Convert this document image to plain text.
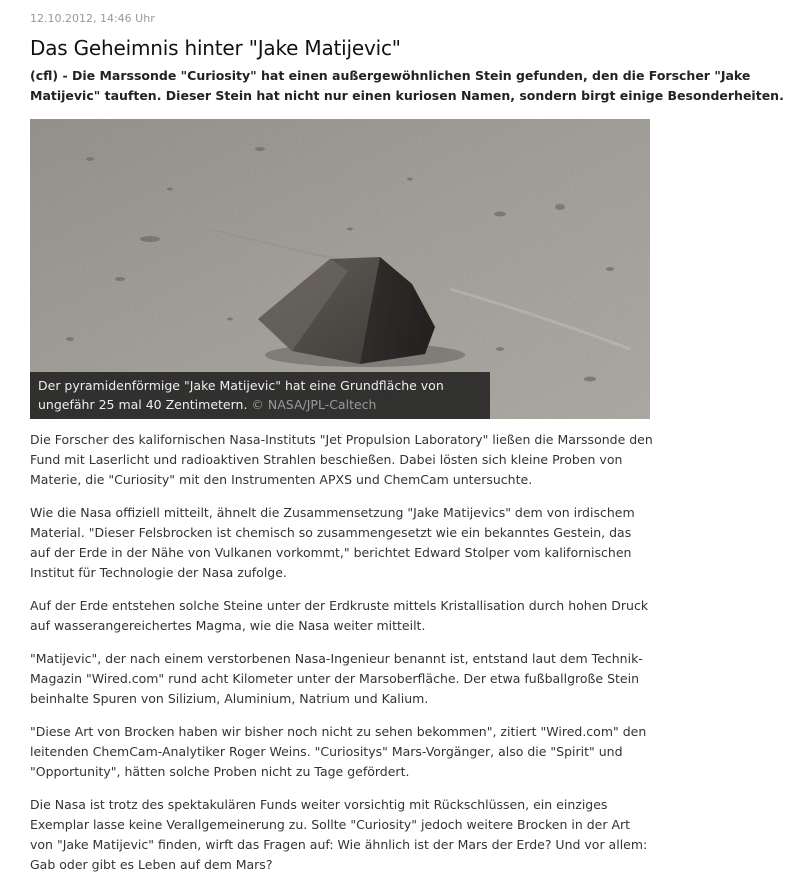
12.10.2012, 14:46 Uhr
Das Geheimnis hinter "Jake Matijevic"

(cfl) - Die Marssonde "Curiosity" hat einen außergewöhnlichen Stein gefunden, den die Forscher "Jake Matijevic" tauften. Dieser Stein hat nicht nur einen kuriosen Namen, sondern birgt einige Besonderheiten.

Der pyramidenförmige "Jake Matijevic" hat eine Grundfläche von ungefähr 25 mal 40 Zentimetern. © NASA/JPL-Caltech

Die Forscher des kalifornischen Nasa-Instituts "Jet Propulsion Laboratory" ließen die Marssonde den Fund mit Laserlicht und radioaktiven Strahlen beschießen. Dabei lösten sich kleine Proben von Materie, die "Curiosity" mit den Instrumenten APXS und ChemCam untersuchte.

Wie die Nasa offiziell mitteilt, ähnelt die Zusammensetzung "Jake Matijevics" dem von irdischem Material. "Dieser Felsbrocken ist chemisch so zusammengesetzt wie ein bekanntes Gestein, das auf der Erde in der Nähe von Vulkanen vorkommt," berichtet Edward Stolper vom kalifornischen Institut für Technologie der Nasa zufolge.

Auf der Erde entstehen solche Steine unter der Erdkruste mittels Kristallisation durch hohen Druck auf wasserangereichertes Magma, wie die Nasa weiter mitteilt.

"Matijevic", der nach einem verstorbenen Nasa-Ingenieur benannt ist, entstand laut dem Technik-Magazin "Wired.com" rund acht Kilometer unter der Marsoberfläche. Der etwa fußballgroße Stein beinhalte Spuren von Silizium, Aluminium, Natrium und Kalium.

"Diese Art von Brocken haben wir bisher noch nicht zu sehen bekommen", zitiert "Wired.com" den leitenden ChemCam-Analytiker Roger Weins. "Curiositys" Mars-Vorgänger, also die "Spirit" und "Opportunity", hätten solche Proben nicht zu Tage gefördert.

Die Nasa ist trotz des spektakulären Funds weiter vorsichtig mit Rückschlüssen, ein einziges Exemplar lasse keine Verallgemeinerung zu. Sollte "Curiosity" jedoch weitere Brocken in der Art von "Jake Matijevic" finden, wirft das Fragen auf: Wie ähnlich ist der Mars der Erde? Und vor allem: Gab oder gibt es Leben auf dem Mars?
